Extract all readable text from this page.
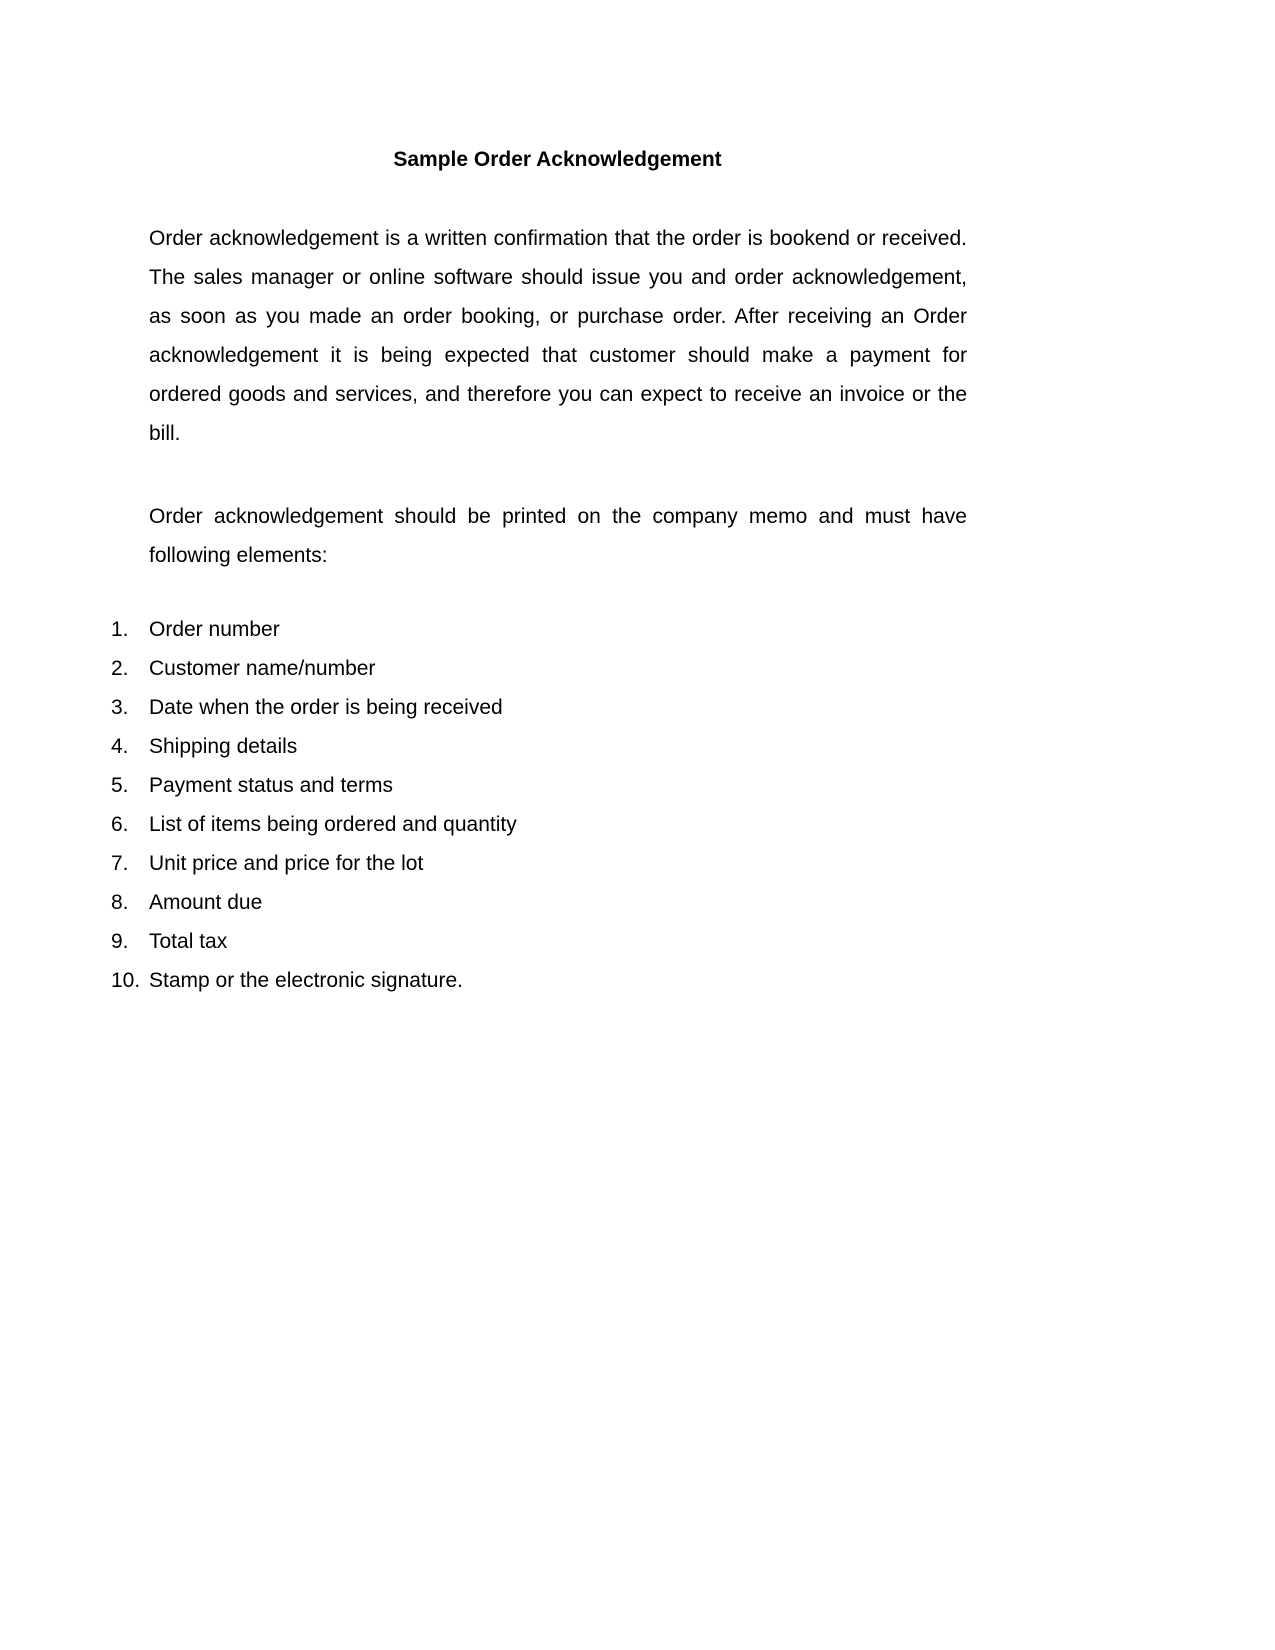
Sample Order Acknowledgement

Order acknowledgement is a written confirmation that the order is bookend or received. The sales manager or online software should issue you and order acknowledgement, as soon as you made an order booking, or purchase order. After receiving an Order acknowledgement it is being expected that customer should make a payment for ordered goods and services, and therefore you can expect to receive an invoice or the bill.

Order acknowledgement should be printed on the company memo and must have following elements:

1. Order number
2. Customer name/number
3. Date when the order is being received
4. Shipping details
5. Payment status and terms
6. List of items being ordered and quantity
7. Unit price and price for the lot
8. Amount due
9. Total tax
10. Stamp or the electronic signature.
